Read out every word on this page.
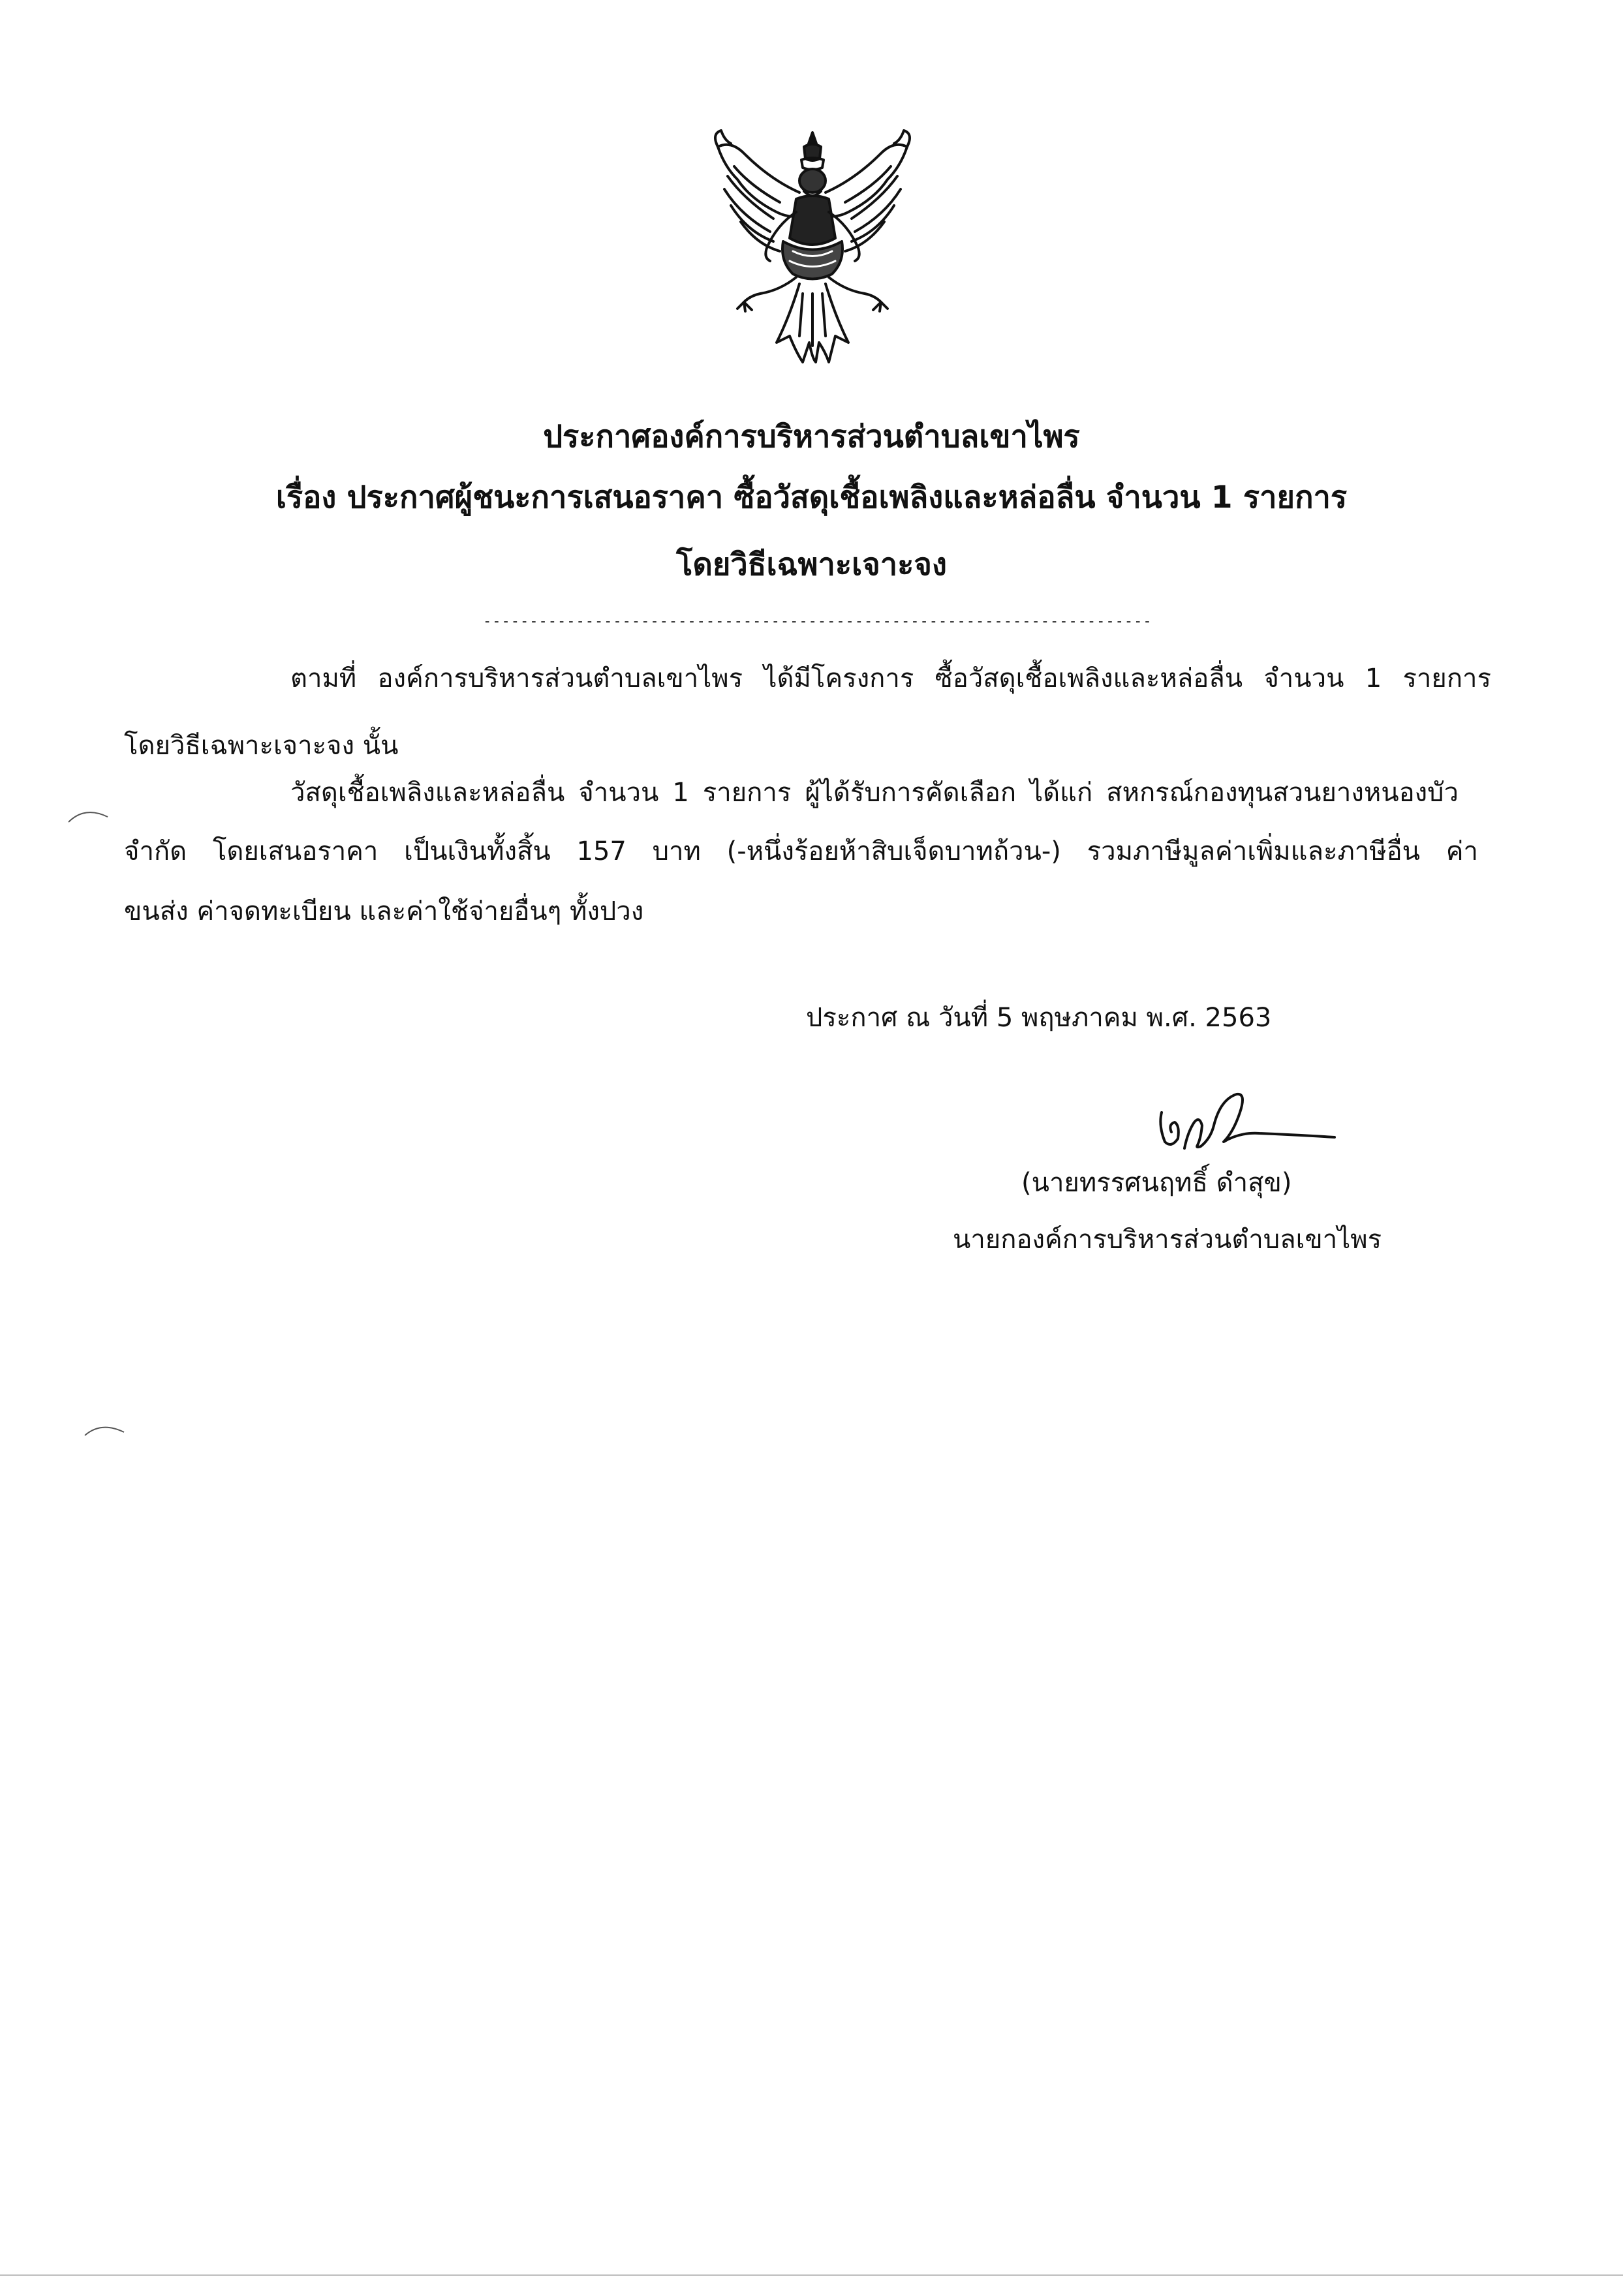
ประกาศองค์การบริหารส่วนตำบลเขาไพร
เรื่อง ประกาศผู้ชนะการเสนอราคา ซื้อวัสดุเชื้อเพลิงและหล่อลื่น จำนวน 1 รายการ
โดยวิธีเฉพาะเจาะจง
------------------------------------------------------------------------
ตามที่ องค์การบริหารส่วนตำบลเขาไพร ได้มีโครงการ ซื้อวัสดุเชื้อเพลิงและหล่อลื่น จำนวน 1 รายการ
โดยวิธีเฉพาะเจาะจง นั้น
วัสดุเชื้อเพลิงและหล่อลื่น จำนวน 1 รายการ ผู้ได้รับการคัดเลือก ได้แก่ สหกรณ์กองทุนสวนยางหนองบัว
จำกัด โดยเสนอราคา เป็นเงินทั้งสิ้น 157 บาท (-หนึ่งร้อยห้าสิบเจ็ดบาทถ้วน-) รวมภาษีมูลค่าเพิ่มและภาษีอื่น ค่า
ขนส่ง ค่าจดทะเบียน และค่าใช้จ่ายอื่นๆ ทั้งปวง
ประกาศ ณ วันที่ 5 พฤษภาคม พ.ศ. 2563
(นายทรรศนฤทธิ์ ดำสุข)
นายกองค์การบริหารส่วนตำบลเขาไพร
